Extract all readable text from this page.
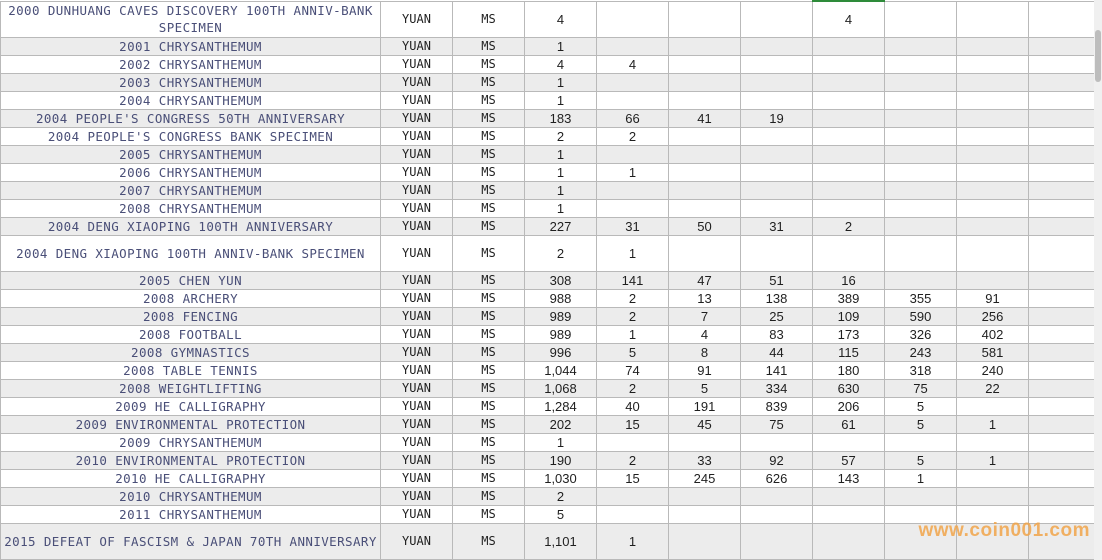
2000 DUNHUANG CAVES DISCOVERY 100TH ANNIV-BANK SPECIMEN	YUAN	MS	4				4			
2001 CHRYSANTHEMUM	YUAN	MS	1							
2002 CHRYSANTHEMUM	YUAN	MS	4	4						
2003 CHRYSANTHEMUM	YUAN	MS	1							
2004 CHRYSANTHEMUM	YUAN	MS	1							
2004 PEOPLE'S CONGRESS 50TH ANNIVERSARY	YUAN	MS	183	66	41	19				
2004 PEOPLE'S CONGRESS BANK SPECIMEN	YUAN	MS	2	2						
2005 CHRYSANTHEMUM	YUAN	MS	1							
2006 CHRYSANTHEMUM	YUAN	MS	1	1						
2007 CHRYSANTHEMUM	YUAN	MS	1							
2008 CHRYSANTHEMUM	YUAN	MS	1							
2004 DENG XIAOPING 100TH ANNIVERSARY	YUAN	MS	227	31	50	31	2			
2004 DENG XIAOPING 100TH ANNIV-BANK SPECIMEN	YUAN	MS	2	1						
2005 CHEN YUN	YUAN	MS	308	141	47	51	16			
2008 ARCHERY	YUAN	MS	988	2	13	138	389	355	91	
2008 FENCING	YUAN	MS	989	2	7	25	109	590	256	
2008 FOOTBALL	YUAN	MS	989	1	4	83	173	326	402	
2008 GYMNASTICS	YUAN	MS	996	5	8	44	115	243	581	
2008 TABLE TENNIS	YUAN	MS	1,044	74	91	141	180	318	240	
2008 WEIGHTLIFTING	YUAN	MS	1,068	2	5	334	630	75	22	
2009 HE CALLIGRAPHY	YUAN	MS	1,284	40	191	839	206	5		
2009 ENVIRONMENTAL PROTECTION	YUAN	MS	202	15	45	75	61	5	1	
2009 CHRYSANTHEMUM	YUAN	MS	1							
2010 ENVIRONMENTAL PROTECTION	YUAN	MS	190	2	33	92	57	5	1	
2010 HE CALLIGRAPHY	YUAN	MS	1,030	15	245	626	143	1		
2010 CHRYSANTHEMUM	YUAN	MS	2							
2011 CHRYSANTHEMUM	YUAN	MS	5							
2015 DEFEAT OF FASCISM & JAPAN 70TH ANNIVERSARY	YUAN	MS	1,101	1							www.coin001.com
